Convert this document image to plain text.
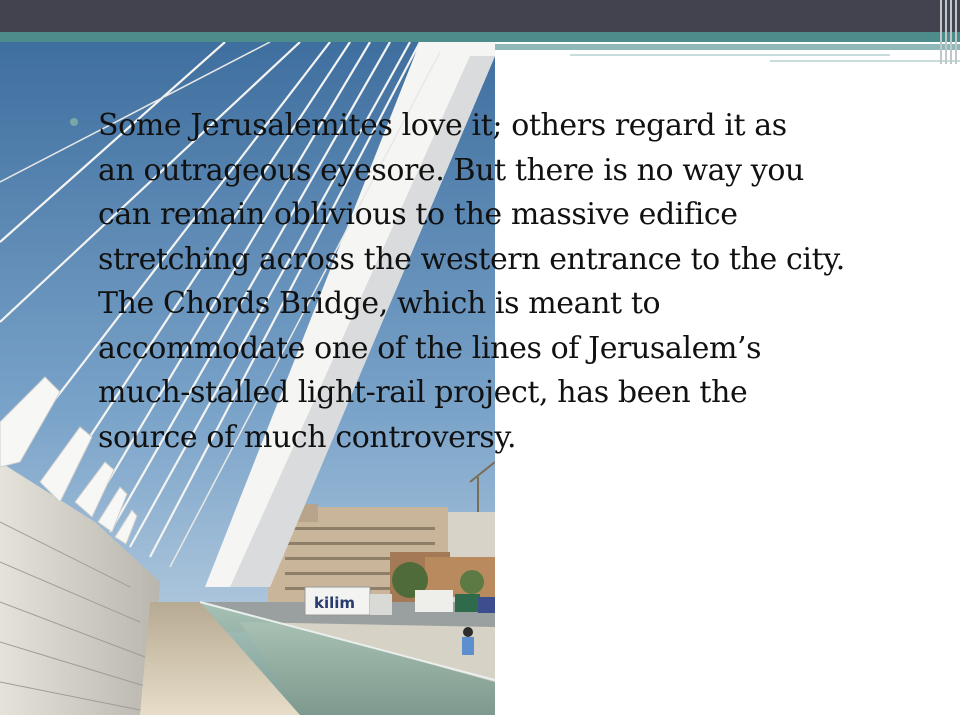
kilim
Some Jerusalemites love it; others regard it as
an outrageous eyesore. But there is no way you
can remain oblivious to the massive edifice
stretching across the western entrance to the city.
The Chords Bridge, which is meant to
accommodate one of the lines of Jerusalem’s
much-stalled light-rail project, has been the
source of much controversy.
